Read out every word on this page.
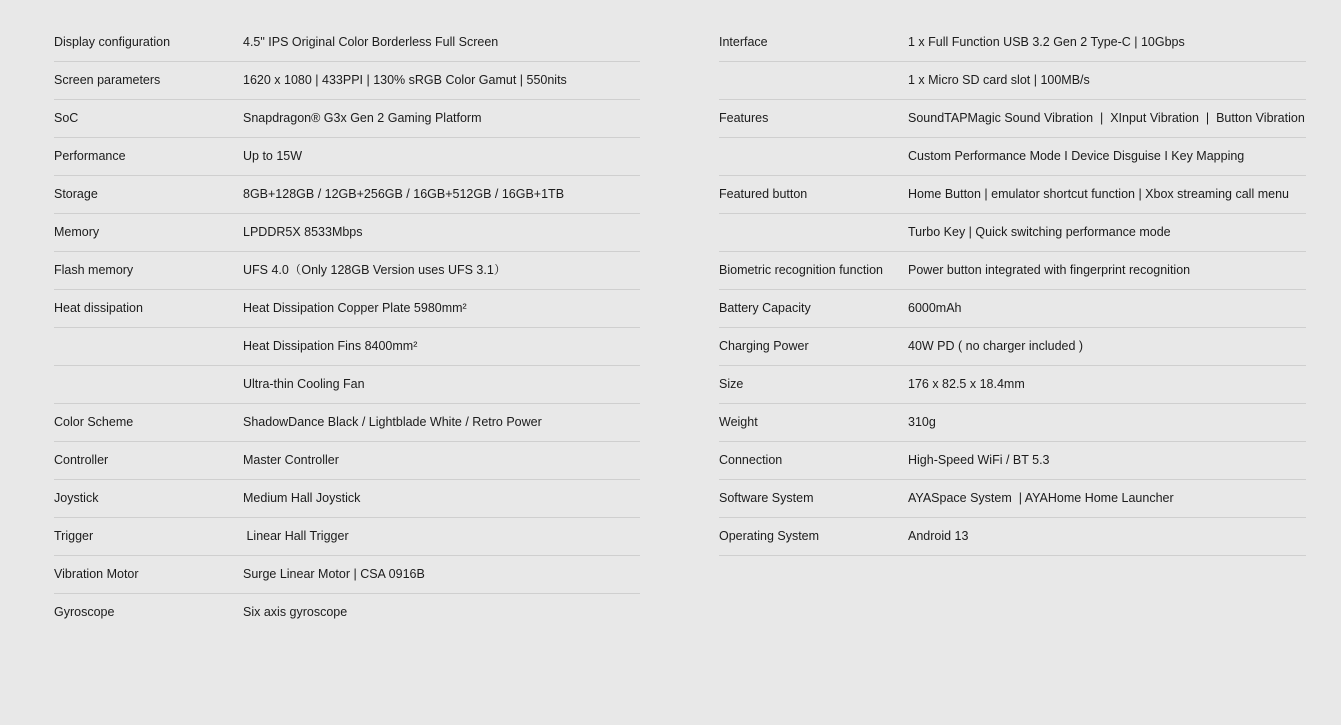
Display configuration	4.5" IPS Original Color Borderless Full Screen
Screen parameters	1620 x 1080 | 433PPI | 130% sRGB Color Gamut | 550nits
SoC	Snapdragon® G3x Gen 2 Gaming Platform
Performance	Up to 15W
Storage	8GB+128GB / 12GB+256GB / 16GB+512GB / 16GB+1TB
Memory	LPDDR5X 8533Mbps
Flash memory	UFS 4.0（Only 128GB Version uses UFS 3.1）
Heat dissipation	Heat Dissipation Copper Plate 5980mm²
Heat Dissipation Fins 8400mm²
Ultra-thin Cooling Fan
Color Scheme	ShadowDance Black / Lightblade White / Retro Power
Controller	Master Controller
Joystick	Medium Hall Joystick
Trigger	Linear Hall Trigger
Vibration Motor	Surge Linear Motor | CSA 0916B
Gyroscope	Six axis gyroscope
Interface	1 x Full Function USB 3.2 Gen 2 Type-C | 10Gbps
1 x Micro SD card slot | 100MB/s
Features	SoundTAPMagic Sound Vibration  |  XInput Vibration  |  Button Vibration
Custom Performance Mode I Device Disguise I Key Mapping
Featured button	Home Button | emulator shortcut function | Xbox streaming call menu
Turbo Key | Quick switching performance mode
Biometric recognition function	Power button integrated with fingerprint recognition
Battery Capacity	6000mAh
Charging Power	40W PD ( no charger included )
Size	176 x 82.5 x 18.4mm
Weight	310g
Connection	High-Speed WiFi / BT 5.3
Software System	AYASpace System  | AYAHome Home Launcher
Operating System	Android 13
